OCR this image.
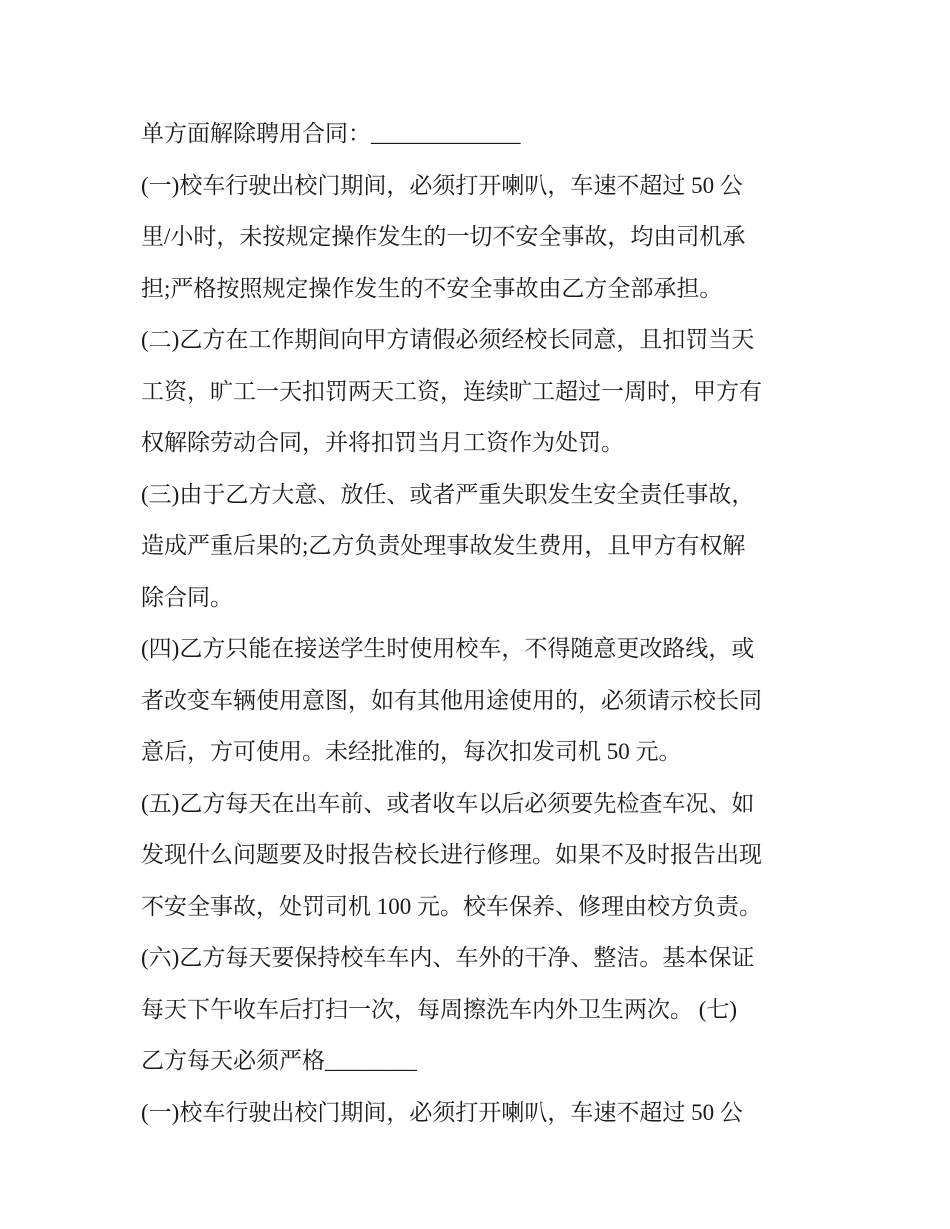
单方面解除聘用合同：_____________
(一)校车行驶出校门期间，必须打开喇叭，车速不超过 50 公
里/小时，未按规定操作发生的一切不安全事故，均由司机承
担;严格按照规定操作发生的不安全事故由乙方全部承担。
(二)乙方在工作期间向甲方请假必须经校长同意，且扣罚当天
工资，旷工一天扣罚两天工资，连续旷工超过一周时，甲方有
权解除劳动合同，并将扣罚当月工资作为处罚。
(三)由于乙方大意、放任、或者严重失职发生安全责任事故，
造成严重后果的;乙方负责处理事故发生费用，且甲方有权解
除合同。
(四)乙方只能在接送学生时使用校车，不得随意更改路线，或
者改变车辆使用意图，如有其他用途使用的，必须请示校长同
意后，方可使用。未经批准的，每次扣发司机 50 元。
(五)乙方每天在出车前、或者收车以后必须要先检查车况、如
发现什么问题要及时报告校长进行修理。如果不及时报告出现
不安全事故，处罚司机 100 元。校车保养、修理由校方负责。
(六)乙方每天要保持校车车内、车外的干净、整洁。基本保证
每天下午收车后打扫一次，每周擦洗车内外卫生两次。 (七)
乙方每天必须严格________
(一)校车行驶出校门期间，必须打开喇叭，车速不超过 50 公
